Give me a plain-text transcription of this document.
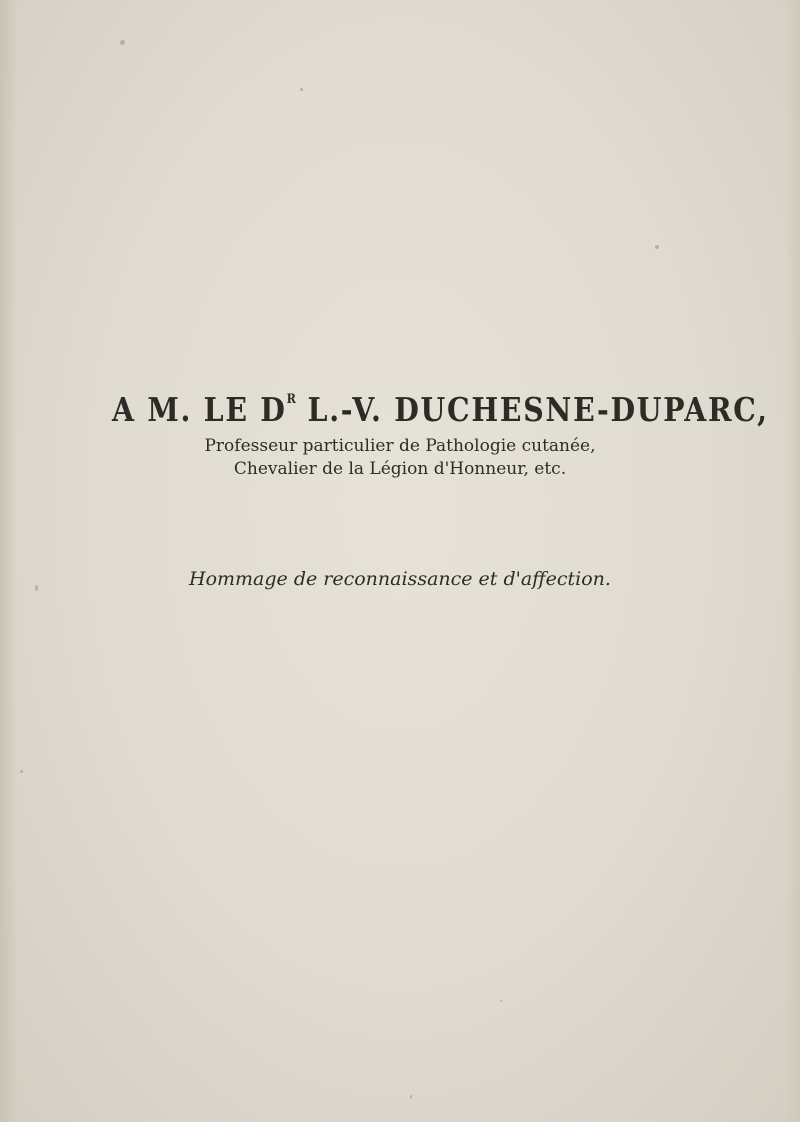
A M. LE $D^R$ L.-V. DUCHESNE-DUPARC,
Professeur particulier de Pathologie cutanée,
Chevalier de la Légion d'Honneur, etc.
Hommage de reconnaissance et d'affection.
